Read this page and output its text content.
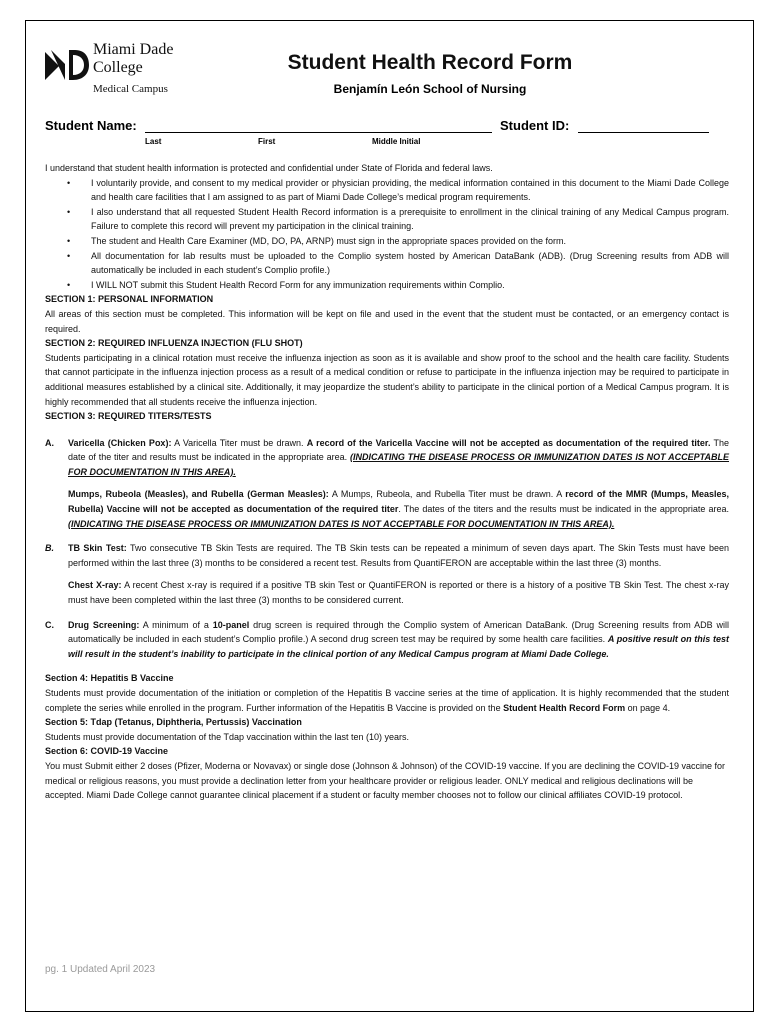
Miami Dade
College
Medical Campus
Student Health Record Form
Benjamín León School of Nursing
Student Name:	Student ID:
Last	First	Middle Initial

I understand that student health information is protected and confidential under State of Florida and federal laws.

• I voluntarily provide, and consent to my medical provider or physician providing, the medical information contained in this document to the Miami Dade College and health care facilities that I am assigned to as part of Miami Dade College’s medical program requirements.
• I also understand that all requested Student Health Record information is a prerequisite to enrollment in the clinical training of any Medical Campus program. Failure to complete this record will prevent my participation in the clinical training.
• The student and Health Care Examiner (MD, DO, PA, ARNP) must sign in the appropriate spaces provided on the form.
• All documentation for lab results must be uploaded to the Complio system hosted by American DataBank (ADB). (Drug Screening results from ADB will automatically be included in each student’s Complio profile.)
• I WILL NOT submit this Student Health Record Form for any immunization requirements within Complio.

SECTION 1: PERSONAL INFORMATION

All areas of this section must be completed. This information will be kept on file and used in the event that the student must be contacted, or an emergency contact is required.

SECTION 2: REQUIRED INFLUENZA INJECTION (FLU SHOT)

Students participating in a clinical rotation must receive the influenza injection as soon as it is available and show proof to the school and the health care facility. Students that cannot participate in the influenza injection process as a result of a medical condition or refuse to participate in the influenza injection may be required to participate in additional measures established by a clinical site. Additionally, it may jeopardize the student’s ability to participate in the clinical portion of a Medical Campus program. It is highly recommended that all students receive the influenza injection.

SECTION 3: REQUIRED TITERS/TESTS

A. Varicella (Chicken Pox): A Varicella Titer must be drawn. A record of the Varicella Vaccine will not be accepted as documentation of the required titer. The date of the titer and results must be indicated in the appropriate area. (INDICATING THE DISEASE PROCESS OR IMMUNIZATION DATES IS NOT ACCEPTABLE FOR DOCUMENTATION IN THIS AREA).
Mumps, Rubeola (Measles), and Rubella (German Measles): A Mumps, Rubeola, and Rubella Titer must be drawn. A record of the MMR (Mumps, Measles, Rubella) Vaccine will not be accepted as documentation of the required titer. The dates of the titers and the results must be indicated in the appropriate area. (INDICATING THE DISEASE PROCESS OR IMMUNIZATION DATES IS NOT ACCEPTABLE FOR DOCUMENTATION IN THIS AREA).
B. TB Skin Test: Two consecutive TB Skin Tests are required. The TB Skin tests can be repeated a minimum of seven days apart. The Skin Tests must have been performed within the last three (3) months to be considered a recent test. Results from QuantiFERON are acceptable within the last three (3) months.
Chest X-ray: A recent Chest x-ray is required if a positive TB skin Test or QuantiFERON is reported or there is a history of a positive TB Skin Test. The chest x-ray must have been completed within the last three (3) months to be considered current.
C. Drug Screening: A minimum of a 10-panel drug screen is required through the Complio system of American DataBank. (Drug Screening results from ADB will automatically be included in each student’s Complio profile.) A second drug screen test may be required by some health care facilities. A positive result on this test will result in the student’s inability to participate in the clinical portion of any Medical Campus program at Miami Dade College.

Section 4: Hepatitis B Vaccine

Students must provide documentation of the initiation or completion of the Hepatitis B vaccine series at the time of application. It is highly recommended that the student complete the series while enrolled in the program. Further information of the Hepatitis B Vaccine is provided on the Student Health Record Form on page 4.

Section 5: Tdap (Tetanus, Diphtheria, Pertussis) Vaccination

Students must provide documentation of the Tdap vaccination within the last ten (10) years.

Section 6: COVID-19 Vaccine

You must Submit either 2 doses (Pfizer, Moderna or Novavax) or single dose (Johnson & Johnson) of the COVID-19 vaccine. If you are declining the COVID-19 vaccine for medical or religious reasons, you must provide a declination letter from your healthcare provider or religious leader. ONLY medical and religious declinations will be accepted. Miami Dade College cannot guarantee clinical placement if a student or faculty member chooses not to follow our clinical affiliates COVID-19 protocol.

pg. 1 Updated April 2023
